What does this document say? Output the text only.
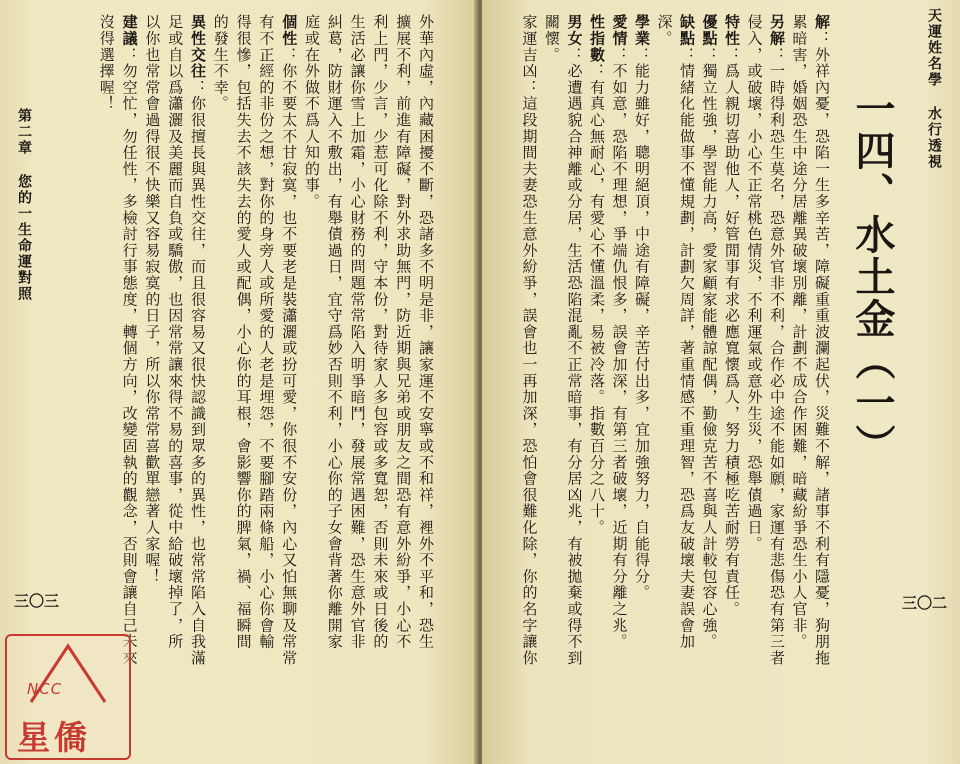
第二章 您的一生命運對照
三〇三	外華內虛，內藏困擾不斷，恐諸多不明是非，讓家運不安寧或不和祥，裡外不平和，恐生
擴展不利，前進有障礙，對外求助無門，防近期與兄弟或朋友之間恐有意外紛爭，小心不
利上門，少言，少惹可化除不利，守本份，對待家人多包容或多寬恕，否則未來或日後的
生活必讓你雪上加霜，小心財務的問題常常陷入明爭暗鬥，發展常遇困難，恐生意外官非
糾葛，防財運入不敷出，有舉債過日，宜守爲妙否則不利，小心你的子女會背著你離開家
庭或在外做不爲人知的事。
個性：你不要太不甘寂寞，也不要老是裝瀟灑或扮可愛，你很不安份，內心又怕無聊及常常
有不正經的非份之想，對你的身旁人或所愛的人老是埋怨，不要腳踏兩條船，小心你會輸
得很慘，包括失去不該失去的愛人或配偶，小心你的耳根，會影響你的脾氣，禍、福瞬間
的發生不幸。
異性交往：你很擅長與異性交往，而且很容易又很快認識到眾多的異性，也常常陷入自我滿
足或自以爲瀟灑及美麗而自負或驕傲，也因常常讓來得不易的喜事，從中給破壞掉了，所
以你也常常會過得很不快樂又容易寂寞的日子，所以你常常喜歡單戀著人家喔！
建議：勿空忙，勿任性，多檢討行事態度，轉個方向，改變固執的觀念，否則會讓自己未來
沒得選擇喔！	天運姓名學 水行透視
三〇二
一四、水土金（一）
解：外祥內憂，恐陷一生多辛苦，障礙重重波瀾起伏，災難不解，諸事不利有隱憂，狗朋拖
累暗害，婚姻恐生中途分居離異破壞別離，計劃不成合作困難，暗藏紛爭恐生小人官非。
另解：一時得利恐生莫名，恐意外官非不利，合作必中途不能如願，家運有悲傷恐有第三者
侵入，或破壞，小心不正常桃色情災，不利運氣或意外生災，恐舉債過日。
特性：爲人親切喜助他人，好管閒事有求必應寬懷爲人，努力積極吃苦耐勞有責任。
優點：獨立性強，學習能力高，愛家顧家能體諒配偶，勤儉克苦不喜與人計較包容心強。
缺點：情緒化能做事不懂規劃，計劃欠周詳，著重情感不重理智，恐爲友破壞夫妻誤會加
深。
學業：能力雖好，聰明絕頂，中途有障礙，辛苦付出多，宜加強努力，自能得分。
愛情：不如意，恐陷不理想，爭端仇恨多，誤會加深，有第三者破壞，近期有分離之兆。
性指數：有真心無耐心，有愛心不懂溫柔，易被冷落。指數百分之八十。
男女：必遭遇貌合神離或分居，生活恐陷混亂不正常暗事，有分居凶兆，有被拋棄或得不到
關懷。
家運吉凶：這段期間夫妻恐生意外紛爭，誤會也一再加深，恐怕會很難化除，你的名字讓你
NCC
星僑
